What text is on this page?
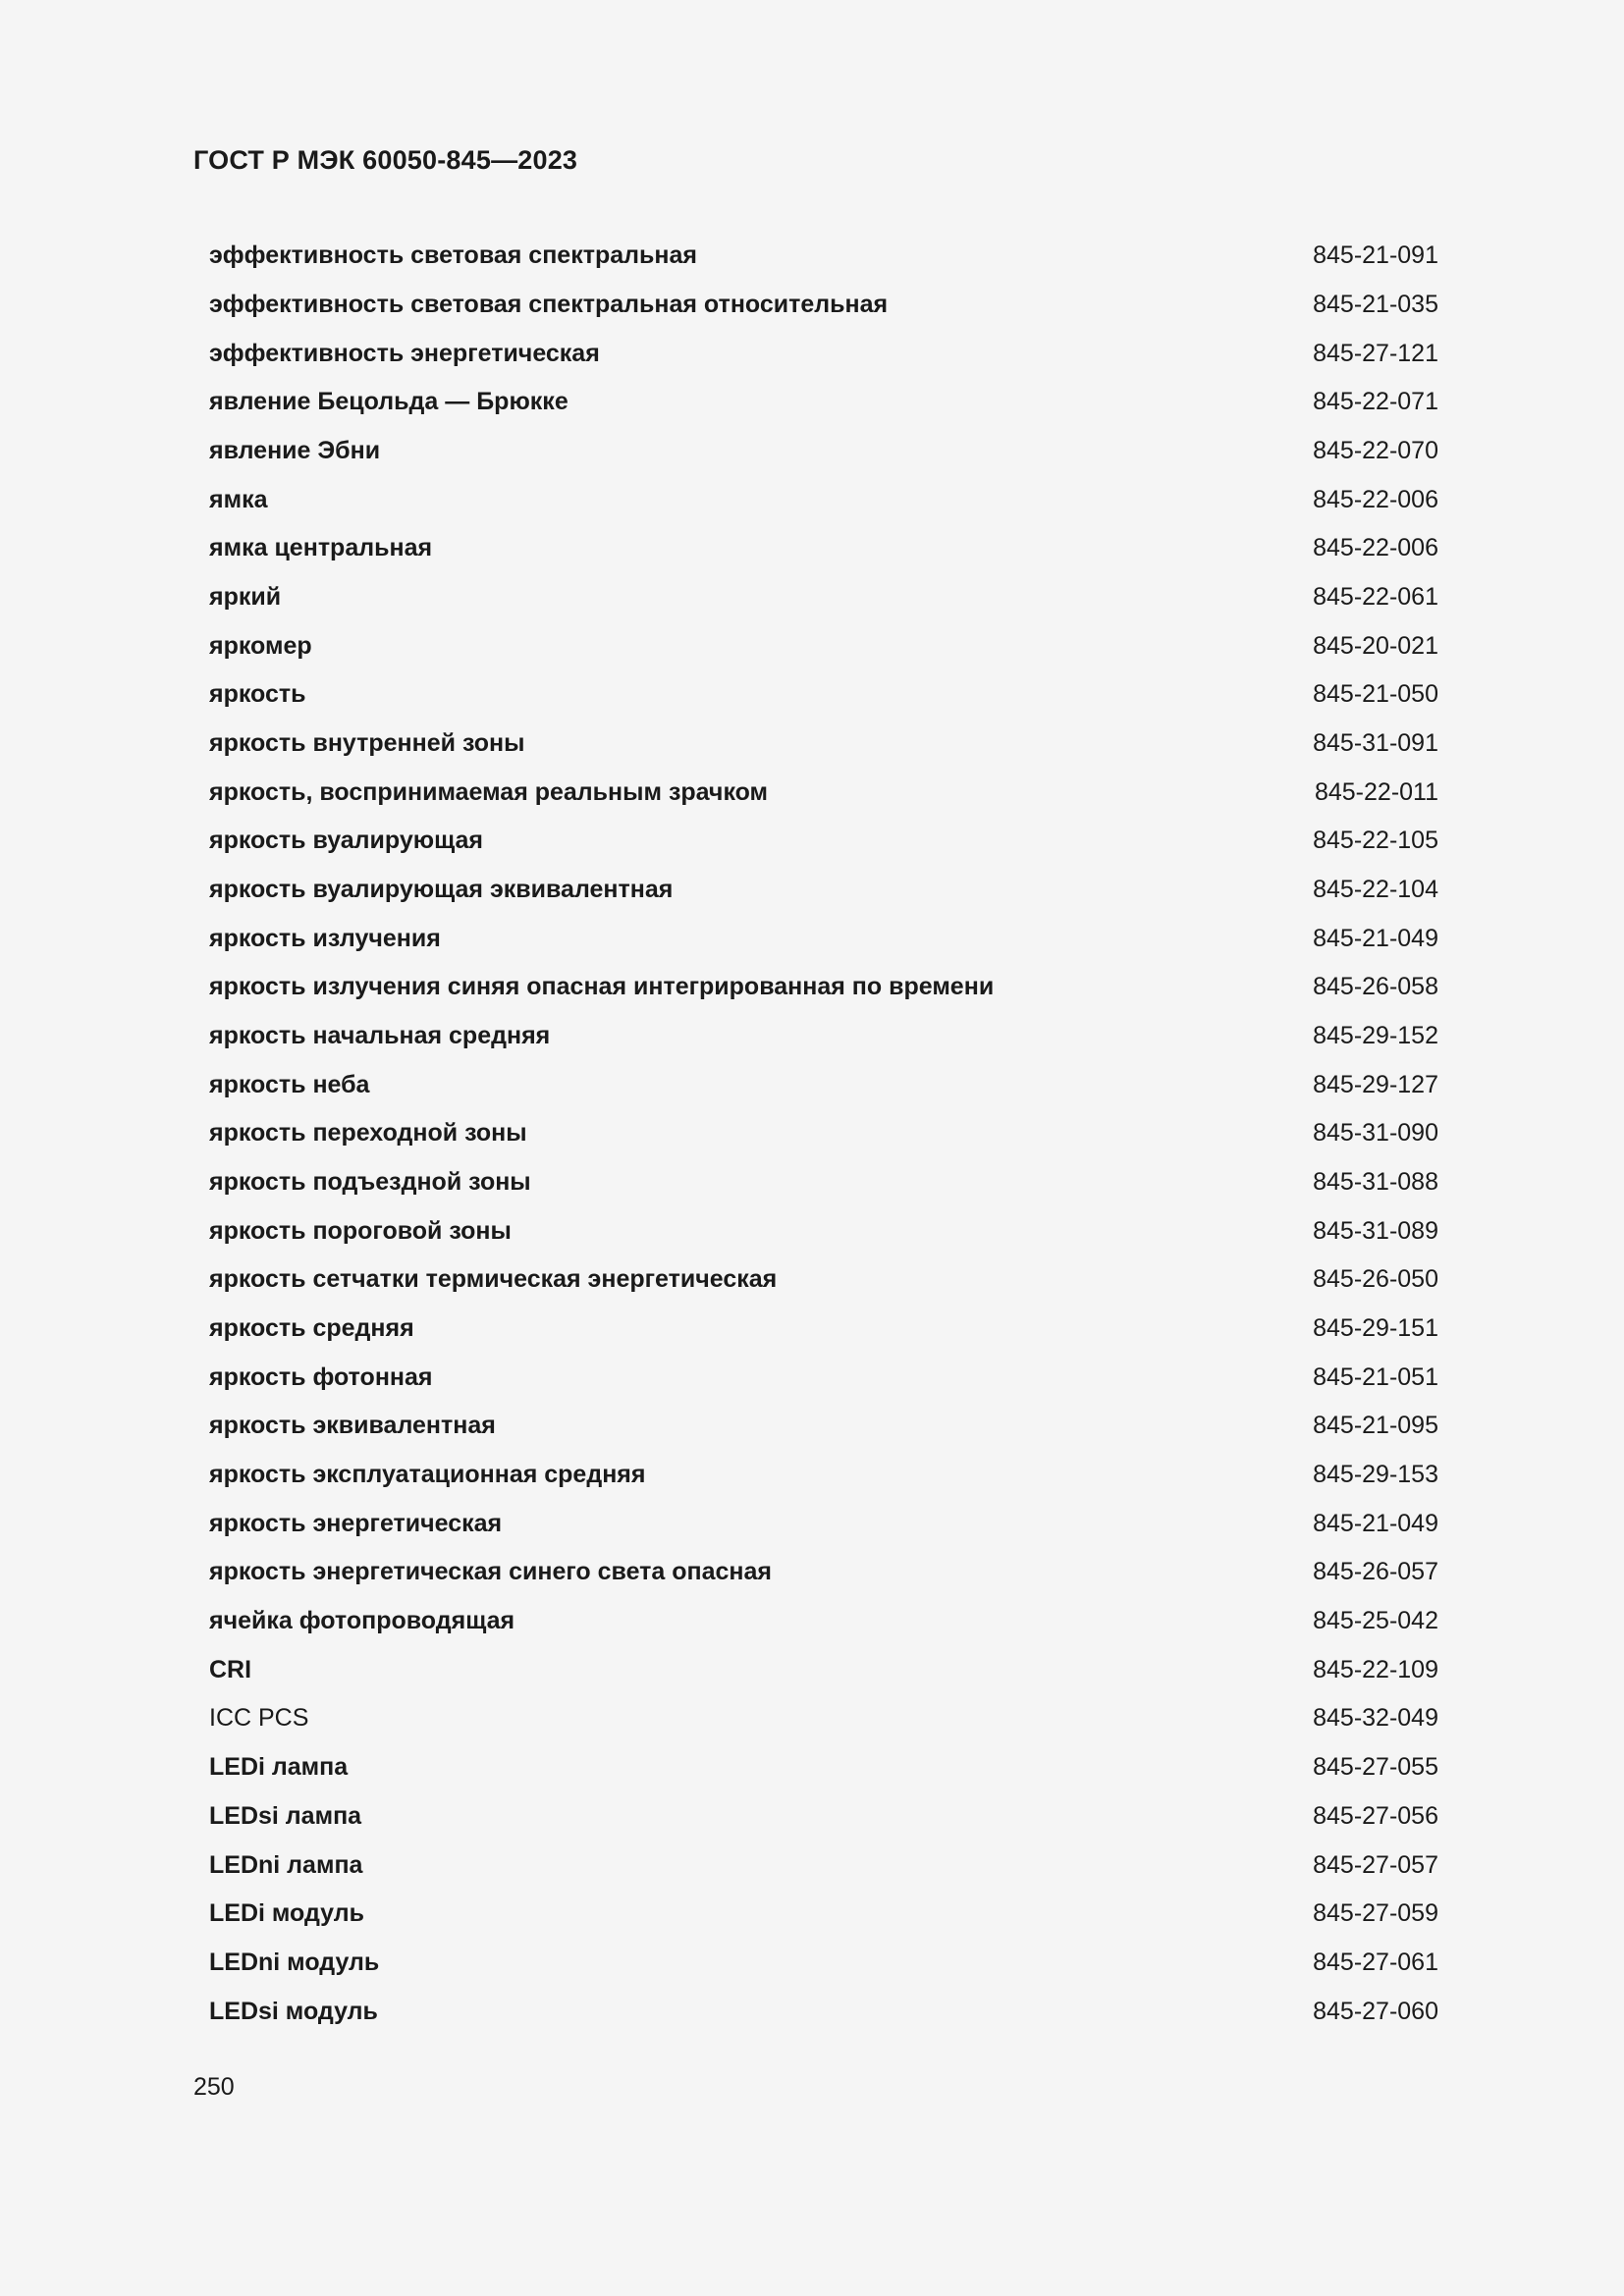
ГОСТ Р МЭК 60050-845—2023
эффективность световая спектральная	845-21-091
эффективность световая спектральная относительная	845-21-035
эффективность энергетическая	845-27-121
явление Бецольда — Брюкке	845-22-071
явление Эбни	845-22-070
ямка	845-22-006
ямка центральная	845-22-006
яркий	845-22-061
яркомер	845-20-021
яркость	845-21-050
яркость внутренней зоны	845-31-091
яркость, воспринимаемая реальным зрачком	845-22-011
яркость вуалирующая	845-22-105
яркость вуалирующая эквивалентная	845-22-104
яркость излучения	845-21-049
яркость излучения синяя опасная интегрированная по времени	845-26-058
яркость начальная средняя	845-29-152
яркость неба	845-29-127
яркость переходной зоны	845-31-090
яркость подъездной зоны	845-31-088
яркость пороговой зоны	845-31-089
яркость сетчатки термическая энергетическая	845-26-050
яркость средняя	845-29-151
яркость фотонная	845-21-051
яркость эквивалентная	845-21-095
яркость эксплуатационная средняя	845-29-153
яркость энергетическая	845-21-049
яркость энергетическая синего света опасная	845-26-057
ячейка фотопроводящая	845-25-042
CRI	845-22-109
ICC PCS	845-32-049
LEDi лампа	845-27-055
LEDsi лампа	845-27-056
LEDni лампа	845-27-057
LEDi модуль	845-27-059
LEDni модуль	845-27-061
LEDsi модуль	845-27-060
250
